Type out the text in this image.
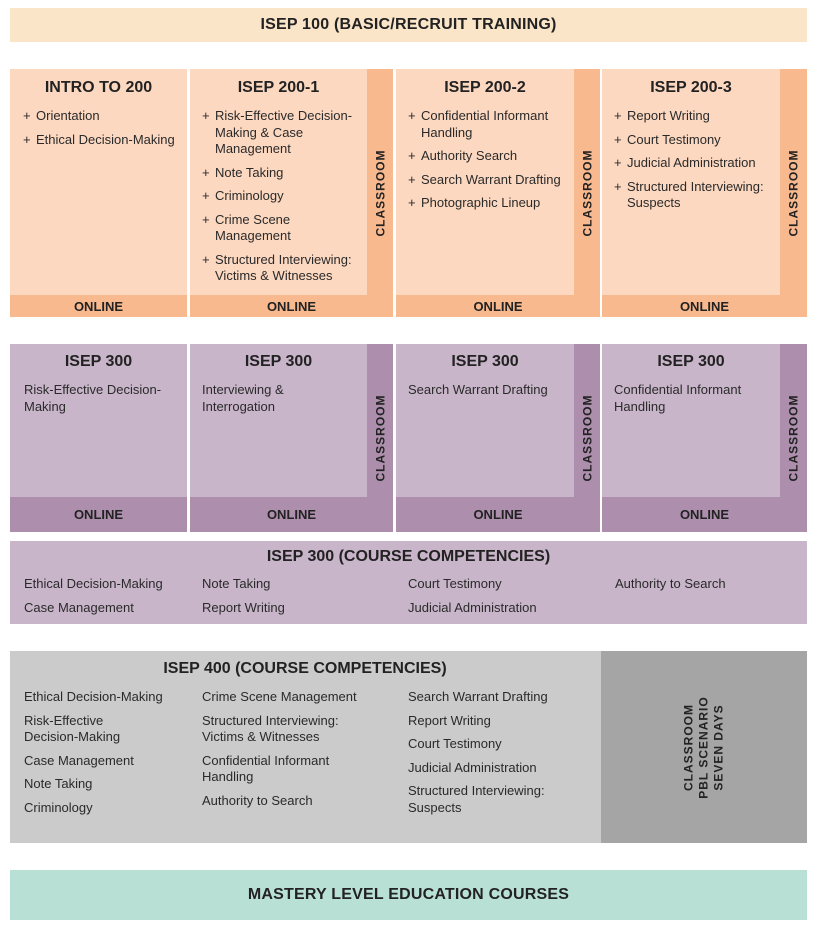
ISEP 100 (BASIC/RECRUIT TRAINING)
INTRO TO 200
+ Orientation
+ Ethical Decision-Making
ONLINE
ISEP 200-1
+ Risk-Effective Decision-Making & Case Management
+ Note Taking
+ Criminology
+ Crime Scene Management
+ Structured Interviewing: Victims & Witnesses
CLASSROOM
ONLINE
ISEP 200-2
+ Confidential Informant Handling
+ Authority Search
+ Search Warrant Drafting
+ Photographic Lineup	CLASSROOM
ONLINE
ISEP 200-3
+ Report Writing
+ Court Testimony
+ Judicial Administration
+ Structured Interviewing: Suspects	CLASSROOM
ONLINE
ISEP 300
Risk-Effective Decision-Making
ONLINE
ISEP 300
Interviewing & Interrogation	CLASSROOM
ONLINE
ISEP 300
Search Warrant Drafting
CLASSROOM
ONLINE
ISEP 300
Confidential Informant Handling	CLASSROOM
ONLINE
ISEP 300 (COURSE COMPETENCIES)
Ethical Decision-Making
Case Management
Note Taking
Report Writing
Court Testimony
Judicial Administration
Authority to Search
ISEP 400 (COURSE COMPETENCIES)
Ethical Decision-Making
Risk-Effective Decision-Making
Case Management
Note Taking
Criminology
Crime Scene Management
Structured Interviewing: Victims & Witnesses
Confidential Informant Handling
Authority to Search
Search Warrant Drafting
Report Writing
Court Testimony
Judicial Administration
Structured Interviewing: Suspects
CLASSROOM PBL SCENARIO SEVEN DAYS
MASTERY LEVEL EDUCATION COURSES
